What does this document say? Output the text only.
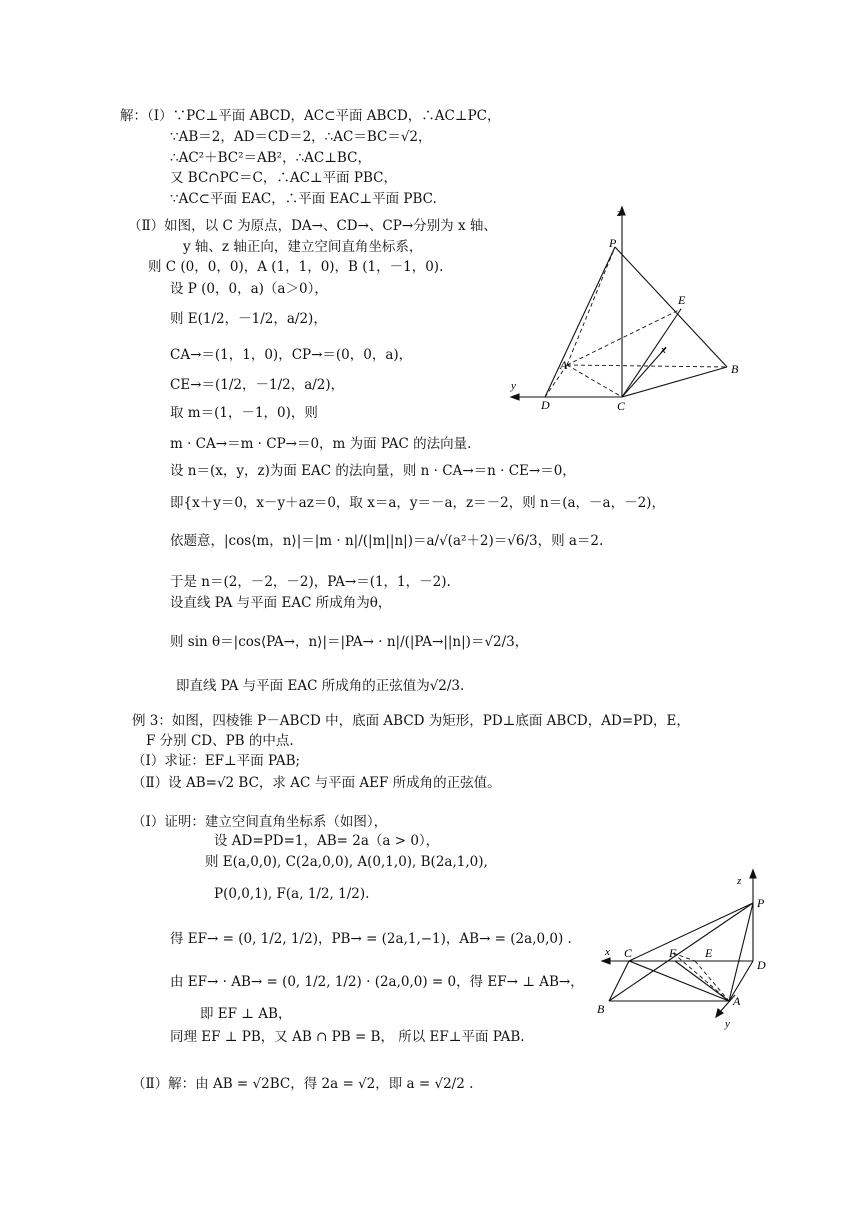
解：（Ⅰ）∵PC⊥平面 ABCD，AC⊂平面 ABCD，∴AC⊥PC，
∵AB＝2，AD＝CD＝2，∴AC＝BC＝√2，
∴AC²＋BC²＝AB²，∴AC⊥BC，
又 BC∩PC＝C，∴AC⊥平面 PBC，
∵AC⊂平面 EAC，∴平面 EAC⊥平面 PBC.
（Ⅱ）如图，以 C 为原点，DA→、CD→、CP→分别为 x 轴、
y 轴、z 轴正向，建立空间直角坐标系，
则 C (0，0，0)，A (1，1，0)，B (1，－1，0).
设 P (0，0，a)（a＞0），
则 E(1/2，－1/2，a/2)，
CA→＝(1，1，0)，CP→＝(0，0，a)，
CE→＝(1/2，－1/2，a/2)，
取 m＝(1，－1，0)，则
m · CA→＝m · CP→＝0，m 为面 PAC 的法向量.
设 n＝(x，y，z)为面 EAC 的法向量，则 n · CA→＝n · CE→＝0，
即{x＋y＝0，x－y＋az＝0，取 x＝a，y＝－a，z＝－2，则 n＝(a，－a，－2)，
依题意，|cos⟨m，n⟩|＝|m · n|/(|m||n|)＝a/√(a²＋2)＝√6/3，则 a＝2.
于是 n＝(2，－2，－2)，PA→＝(1，1，－2).
设直线 PA 与平面 EAC 所成角为θ，
则 sin θ＝|cos⟨PA→，n⟩|＝|PA→ · n|/(|PA→||n|)＝√2/3，
即直线 PA 与平面 EAC 所成角的正弦值为√2/3.
z
P
E
x
A	B
y
D	C
例 3：如图，四棱锥 P－ABCD 中，底面 ABCD 为矩形，PD⊥底面 ABCD，AD=PD，E，
F 分别 CD、PB 的中点.
（Ⅰ）求证：EF⊥平面 PAB;
（Ⅱ）设 AB=√2 BC，求 AC 与平面 AEF 所成角的正弦值。
（Ⅰ）证明：建立空间直角坐标系（如图），
设 AD=PD=1，AB= 2a（a > 0），
则 E(a,0,0), C(2a,0,0), A(0,1,0), B(2a,1,0),
P(0,0,1), F(a, 1/2, 1/2).
得 EF→ = (0, 1/2, 1/2)，PB→ = (2a,1,−1)，AB→ = (2a,0,0) .
由 EF→ · AB→ = (0, 1/2, 1/2) · (2a,0,0) = 0，得 EF→ ⊥ AB→，
即 EF ⊥ AB，
同理 EF ⊥ PB，又 AB ∩ PB = B， 所以 EF⊥平面 PAB.
（Ⅱ）解：由 AB = √2BC，得 2a = √2，即 a = √2/2 .
z
P
x C	F E
D
B
A
y
